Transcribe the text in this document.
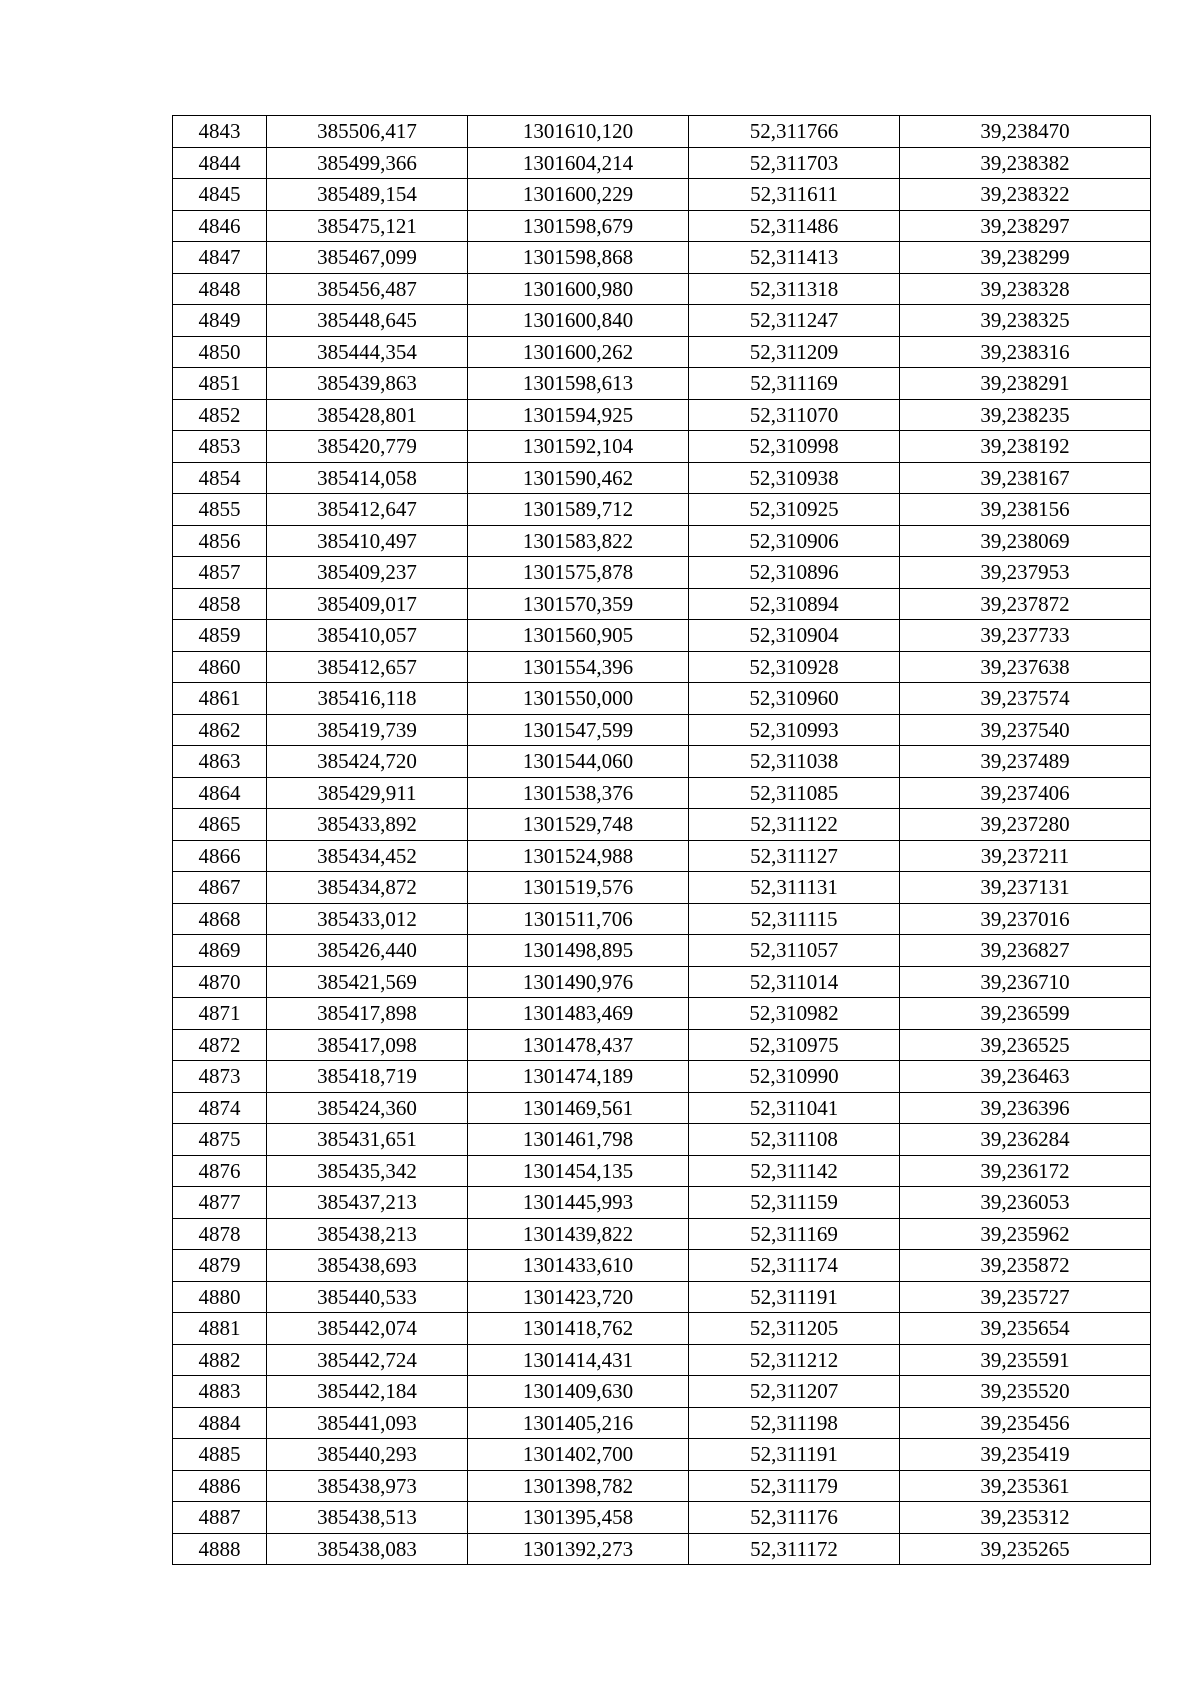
4843	385506,417	1301610,120	52,311766	39,238470
4844	385499,366	1301604,214	52,311703	39,238382
4845	385489,154	1301600,229	52,311611	39,238322
4846	385475,121	1301598,679	52,311486	39,238297
4847	385467,099	1301598,868	52,311413	39,238299
4848	385456,487	1301600,980	52,311318	39,238328
4849	385448,645	1301600,840	52,311247	39,238325
4850	385444,354	1301600,262	52,311209	39,238316
4851	385439,863	1301598,613	52,311169	39,238291
4852	385428,801	1301594,925	52,311070	39,238235
4853	385420,779	1301592,104	52,310998	39,238192
4854	385414,058	1301590,462	52,310938	39,238167
4855	385412,647	1301589,712	52,310925	39,238156
4856	385410,497	1301583,822	52,310906	39,238069
4857	385409,237	1301575,878	52,310896	39,237953
4858	385409,017	1301570,359	52,310894	39,237872
4859	385410,057	1301560,905	52,310904	39,237733
4860	385412,657	1301554,396	52,310928	39,237638
4861	385416,118	1301550,000	52,310960	39,237574
4862	385419,739	1301547,599	52,310993	39,237540
4863	385424,720	1301544,060	52,311038	39,237489
4864	385429,911	1301538,376	52,311085	39,237406
4865	385433,892	1301529,748	52,311122	39,237280
4866	385434,452	1301524,988	52,311127	39,237211
4867	385434,872	1301519,576	52,311131	39,237131
4868	385433,012	1301511,706	52,311115	39,237016
4869	385426,440	1301498,895	52,311057	39,236827
4870	385421,569	1301490,976	52,311014	39,236710
4871	385417,898	1301483,469	52,310982	39,236599
4872	385417,098	1301478,437	52,310975	39,236525
4873	385418,719	1301474,189	52,310990	39,236463
4874	385424,360	1301469,561	52,311041	39,236396
4875	385431,651	1301461,798	52,311108	39,236284
4876	385435,342	1301454,135	52,311142	39,236172
4877	385437,213	1301445,993	52,311159	39,236053
4878	385438,213	1301439,822	52,311169	39,235962
4879	385438,693	1301433,610	52,311174	39,235872
4880	385440,533	1301423,720	52,311191	39,235727
4881	385442,074	1301418,762	52,311205	39,235654
4882	385442,724	1301414,431	52,311212	39,235591
4883	385442,184	1301409,630	52,311207	39,235520
4884	385441,093	1301405,216	52,311198	39,235456
4885	385440,293	1301402,700	52,311191	39,235419
4886	385438,973	1301398,782	52,311179	39,235361
4887	385438,513	1301395,458	52,311176	39,235312
4888	385438,083	1301392,273	52,311172	39,235265
